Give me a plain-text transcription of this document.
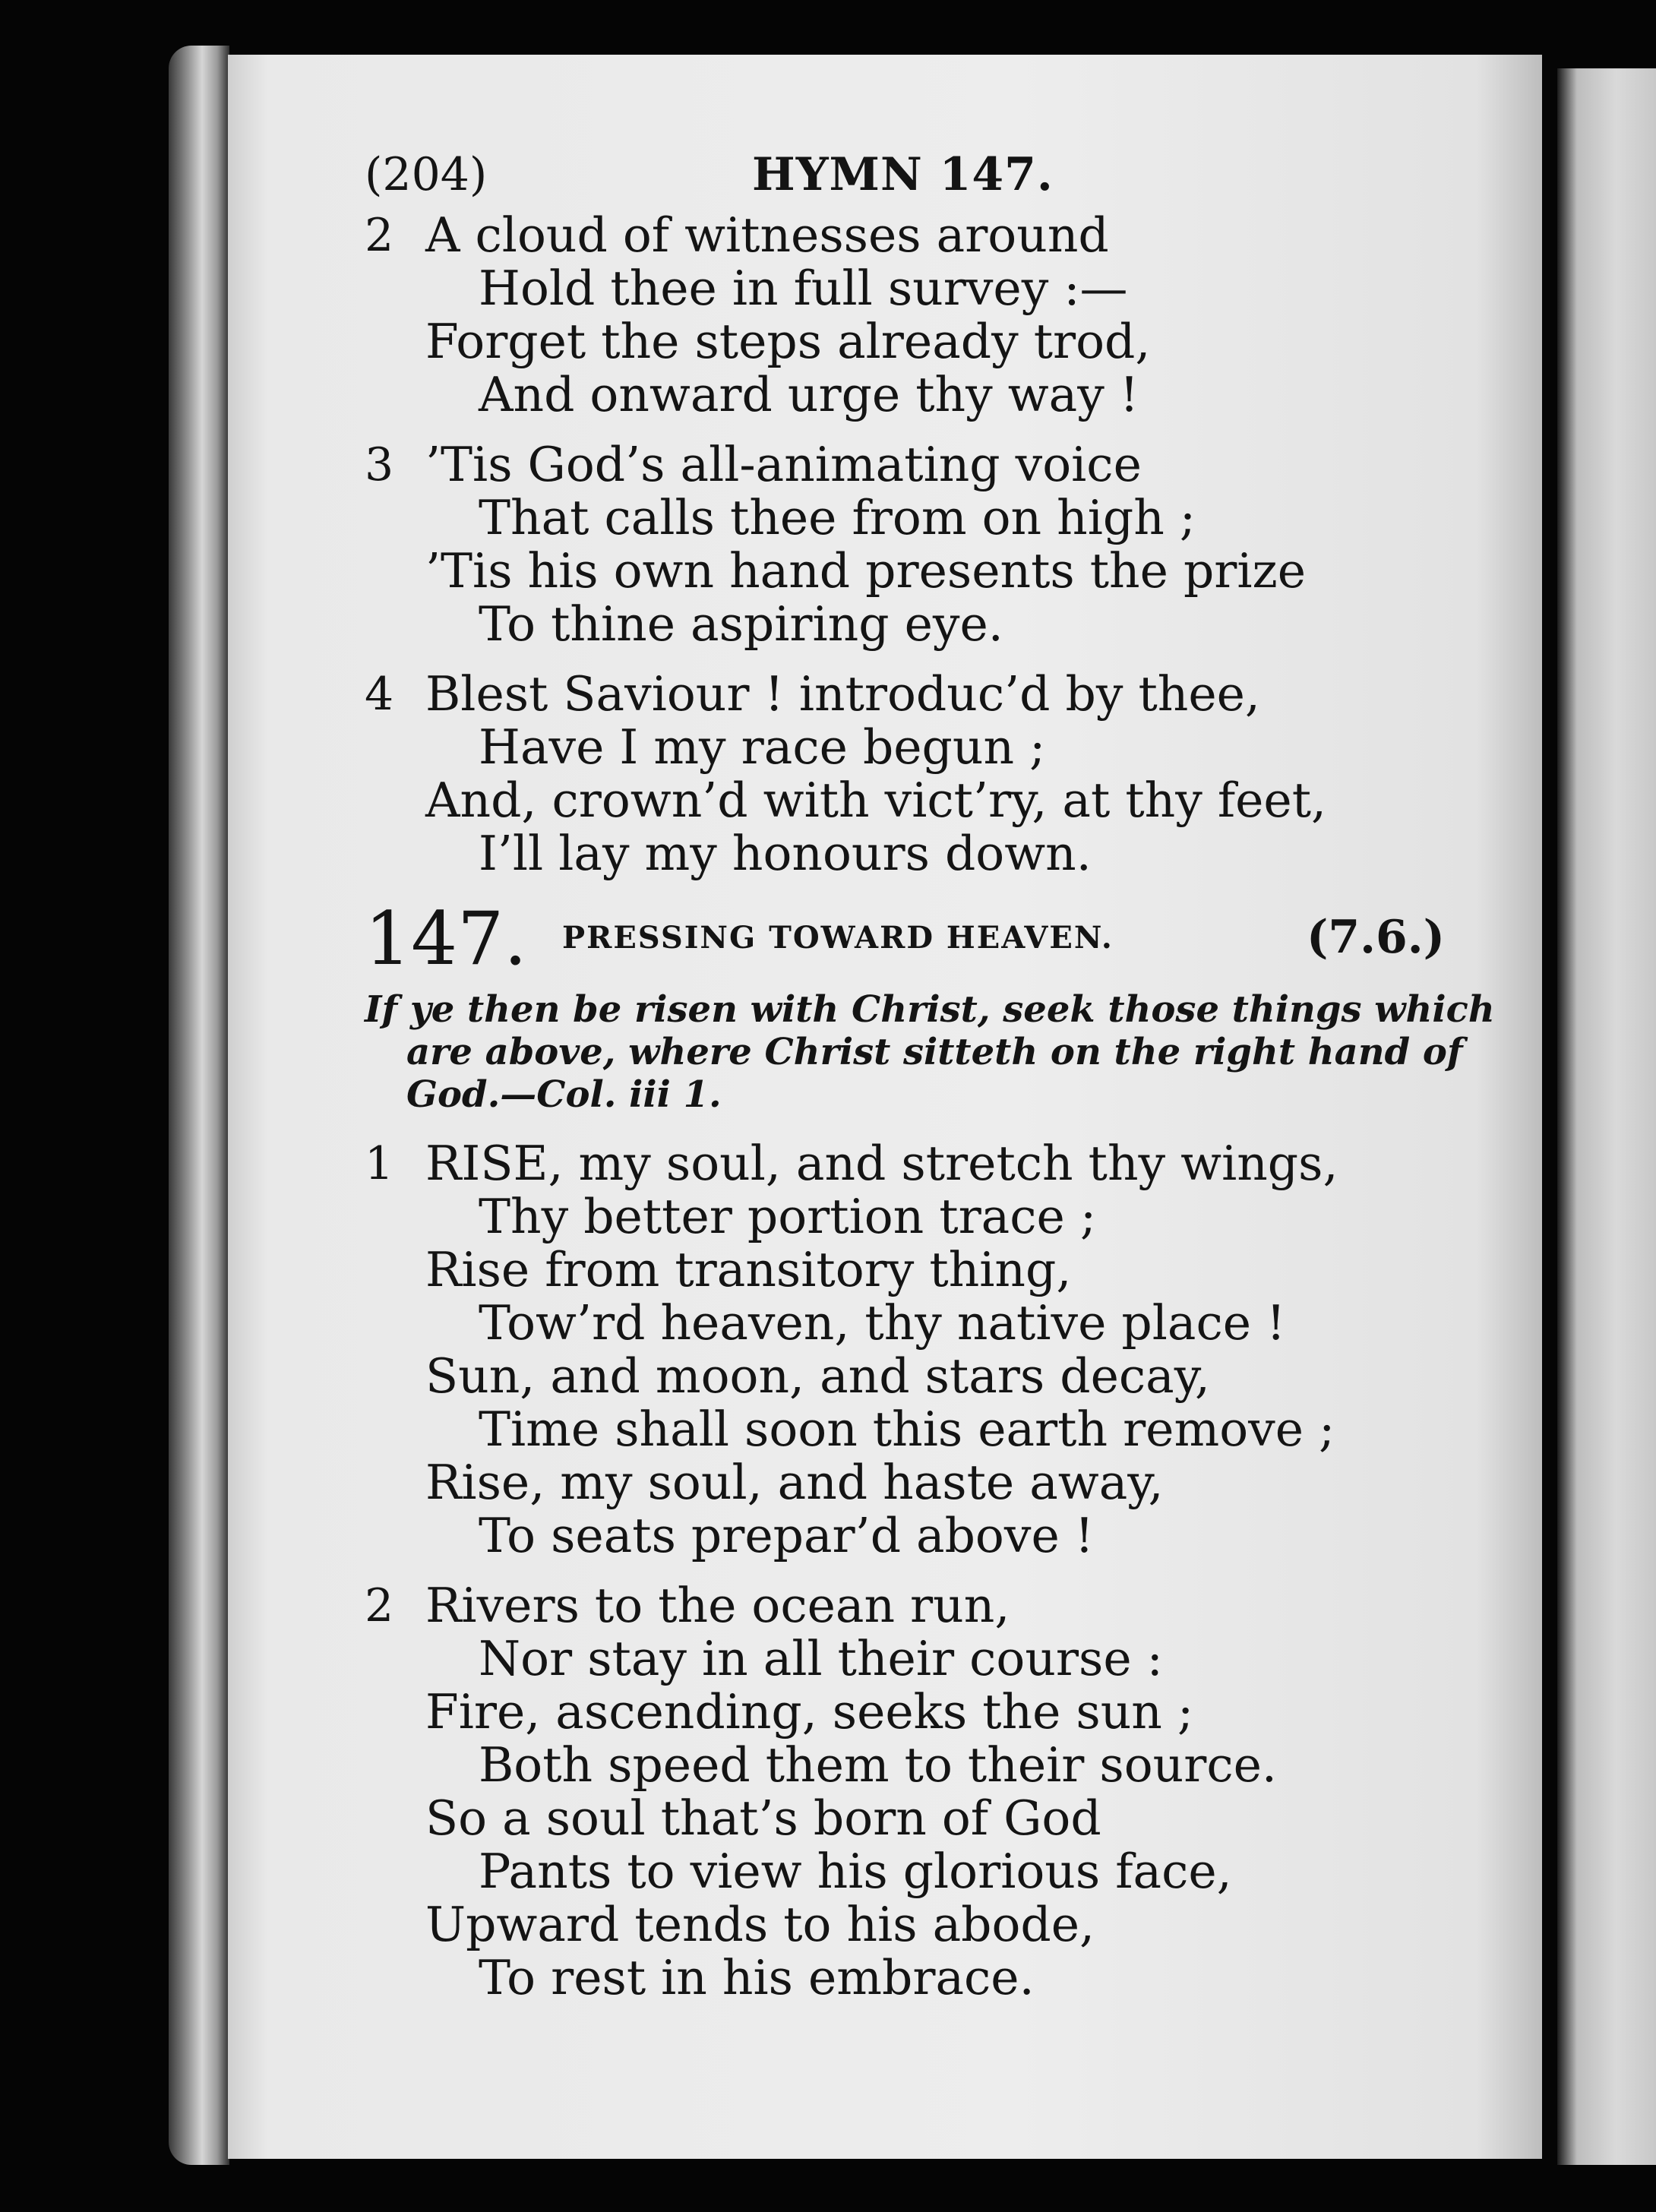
(204)	HYMN 147.
2 A cloud of witnesses around
Hold thee in full survey :—
Forget the steps already trod,
And onward urge thy way !
3 ’Tis God’s all-animating voice
That calls thee from on high ;
’Tis his own hand presents the prize
To thine aspiring eye.
4 Blest Saviour ! introduc’d by thee,
Have I my race begun ;
And, crown’d with vict’ry, at thy feet,
I’ll lay my honours down.
147. PRESSING TOWARD HEAVEN.	(7.6.)
If ye then be risen with Christ, seek those things which
are above, where Christ sitteth on the right hand of
God.—Col. iii 1.
1 RISE, my soul, and stretch thy wings,
Thy better portion trace ;
Rise from transitory thing,
Tow’rd heaven, thy native place !
Sun, and moon, and stars decay,
Time shall soon this earth remove ;
Rise, my soul, and haste away,
To seats prepar’d above !
2 Rivers to the ocean run,
Nor stay in all their course :
Fire, ascending, seeks the sun ;
Both speed them to their source.
So a soul that’s born of God
Pants to view his glorious face,
Upward tends to his abode,
To rest in his embrace.
